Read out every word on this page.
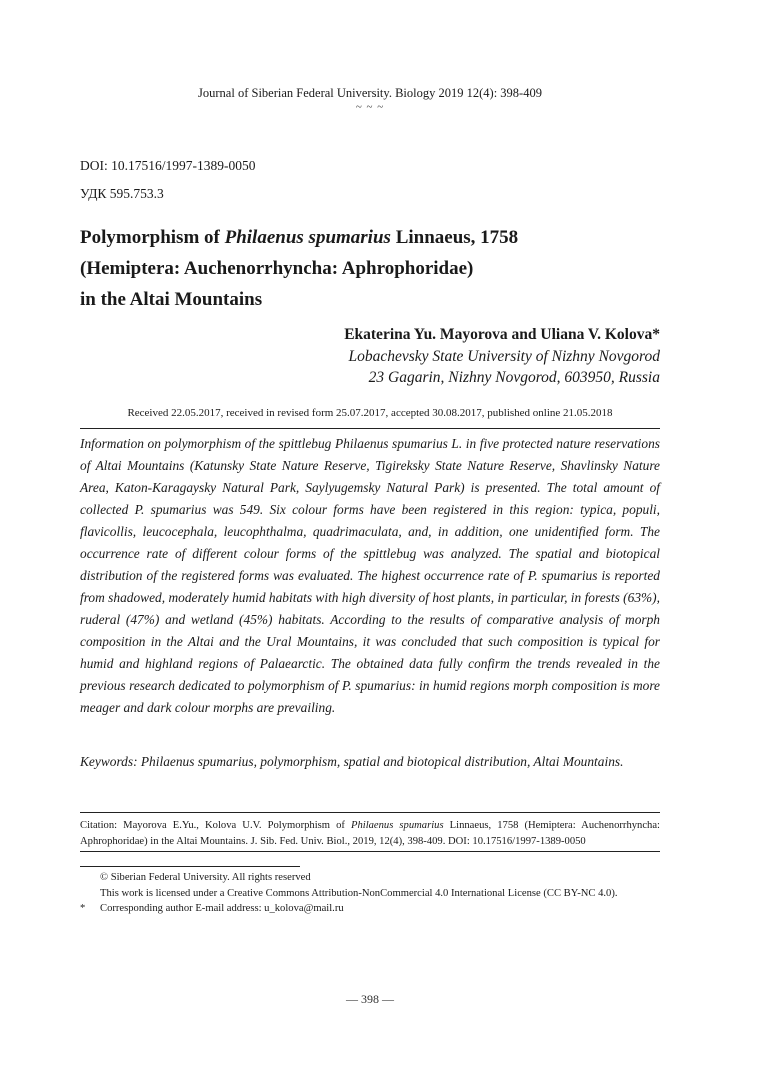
Journal of Siberian Federal University. Biology 2019 12(4): 398-409
~ ~ ~
DOI: 10.17516/1997-1389-0050
УДК 595.753.3
Polymorphism of Philaenus spumarius Linnaeus, 1758
(Hemiptera: Auchenorrhyncha: Aphrophoridae)
in the Altai Mountains
Ekaterina Yu. Mayorova and Uliana V. Kolova*
Lobachevsky State University of Nizhny Novgorod
23 Gagarin, Nizhny Novgorod, 603950, Russia
Received 22.05.2017, received in revised form 25.07.2017, accepted 30.08.2017, published online 21.05.2018
Information on polymorphism of the spittlebug Philaenus spumarius L. in five protected nature reservations of Altai Mountains (Katunsky State Nature Reserve, Tigireksky State Nature Reserve, Shavlinsky Nature Area, Katon-Karagaysky Natural Park, Saylyugemsky Natural Park) is presented. The total amount of collected P. spumarius was 549. Six colour forms have been registered in this region: typica, populi, flavicollis, leucocephala, leucophthalma, quadrimaculata, and, in addition, one unidentified form. The occurrence rate of different colour forms of the spittlebug was analyzed. The spatial and biotopical distribution of the registered forms was evaluated. The highest occurrence rate of P. spumarius is reported from shadowed, moderately humid habitats with high diversity of host plants, in particular, in forests (63%), ruderal (47%) and wetland (45%) habitats. According to the results of comparative analysis of morph composition in the Altai and the Ural Mountains, it was concluded that such composition is typical for humid and highland regions of Palaearctic. The obtained data fully confirm the trends revealed in the previous research dedicated to polymorphism of P. spumarius: in humid regions morph composition is more meager and dark colour morphs are prevailing.
Keywords: Philaenus spumarius, polymorphism, spatial and biotopical distribution, Altai Mountains.
Citation: Mayorova E.Yu., Kolova U.V. Polymorphism of Philaenus spumarius Linnaeus, 1758 (Hemiptera: Auchenorrhyncha: Aphrophoridae) in the Altai Mountains. J. Sib. Fed. Univ. Biol., 2019, 12(4), 398-409. DOI: 10.17516/1997-1389-0050
© Siberian Federal University. All rights reserved
This work is licensed under a Creative Commons Attribution-NonCommercial 4.0 International License (CC BY-NC 4.0).
*	Corresponding author E-mail address: u_kolova@mail.ru
— 398 —
